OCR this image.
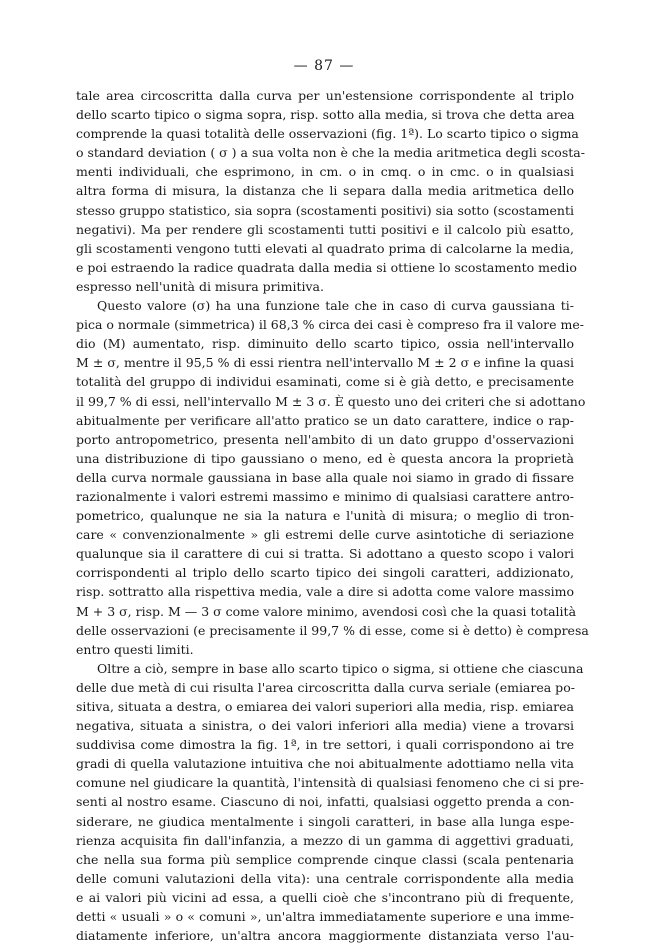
— 87 —
tale area circoscritta dalla curva per un'estensione corrispondente al triplo
dello scarto tipico o sigma sopra, risp. sotto alla media, si trova che detta area
comprende la quasi totalità delle osservazioni (fig. 1ª). Lo scarto tipico o sigma
o standard deviation ( σ ) a sua volta non è che la media aritmetica degli scosta-
menti individuali, che esprimono, in cm. o in cmq. o in cmc. o in qualsiasi
altra forma di misura, la distanza che li separa dalla media aritmetica dello
stesso gruppo statistico, sia sopra (scostamenti positivi) sia sotto (scostamenti
negativi). Ma per rendere gli scostamenti tutti positivi e il calcolo più esatto,
gli scostamenti vengono tutti elevati al quadrato prima di calcolarne la media,
e poi estraendo la radice quadrata dalla media si ottiene lo scostamento medio
espresso nell'unità di misura primitiva.
Questo valore (σ) ha una funzione tale che in caso di curva gaussiana ti-
pica o normale (simmetrica) il 68,3 % circa dei casi è compreso fra il valore me-
dio (M) aumentato, risp. diminuito dello scarto tipico, ossia nell'intervallo
M ± σ, mentre il 95,5 % di essi rientra nell'intervallo M ± 2 σ e infine la quasi
totalità del gruppo di individui esaminati, come si è già detto, e precisamente
il 99,7 % di essi, nell'intervallo M ± 3 σ. È questo uno dei criteri che si adottano
abitualmente per verificare all'atto pratico se un dato carattere, indice o rap-
porto antropometrico, presenta nell'ambito di un dato gruppo d'osservazioni
una distribuzione di tipo gaussiano o meno, ed è questa ancora la proprietà
della curva normale gaussiana in base alla quale noi siamo in grado di fissare
razionalmente i valori estremi massimo e minimo di qualsiasi carattere antro-
pometrico, qualunque ne sia la natura e l'unità di misura; o meglio di tron-
care « convenzionalmente » gli estremi delle curve asintotiche di seriazione
qualunque sia il carattere di cui si tratta. Si adottano a questo scopo i valori
corrispondenti al triplo dello scarto tipico dei singoli caratteri, addizionato,
risp. sottratto alla rispettiva media, vale a dire si adotta come valore massimo
M + 3 σ, risp. M — 3 σ come valore minimo, avendosi così che la quasi totalità
delle osservazioni (e precisamente il 99,7 % di esse, come si è detto) è compresa
entro questi limiti.
Oltre a ciò, sempre in base allo scarto tipico o sigma, si ottiene che ciascuna
delle due metà di cui risulta l'area circoscritta dalla curva seriale (emiarea po-
sitiva, situata a destra, o emiarea dei valori superiori alla media, risp. emiarea
negativa, situata a sinistra, o dei valori inferiori alla media) viene a trovarsi
suddivisa come dimostra la fig. 1ª, in tre settori, i quali corrispondono ai tre
gradi di quella valutazione intuitiva che noi abitualmente adottiamo nella vita
comune nel giudicare la quantità, l'intensità di qualsiasi fenomeno che ci si pre-
senti al nostro esame. Ciascuno di noi, infatti, qualsiasi oggetto prenda a con-
siderare, ne giudica mentalmente i singoli caratteri, in base alla lunga espe-
rienza acquisita fin dall'infanzia, a mezzo di un gamma di aggettivi graduati,
che nella sua forma più semplice comprende cinque classi (scala pentenaria
delle comuni valutazioni della vita): una centrale corrispondente alla media
e ai valori più vicini ad essa, a quelli cioè che s'incontrano più di frequente,
detti « usuali » o « comuni », un'altra immediatamente superiore e una imme-
diatamente inferiore, un'altra ancora maggiormente distanziata verso l'au-
